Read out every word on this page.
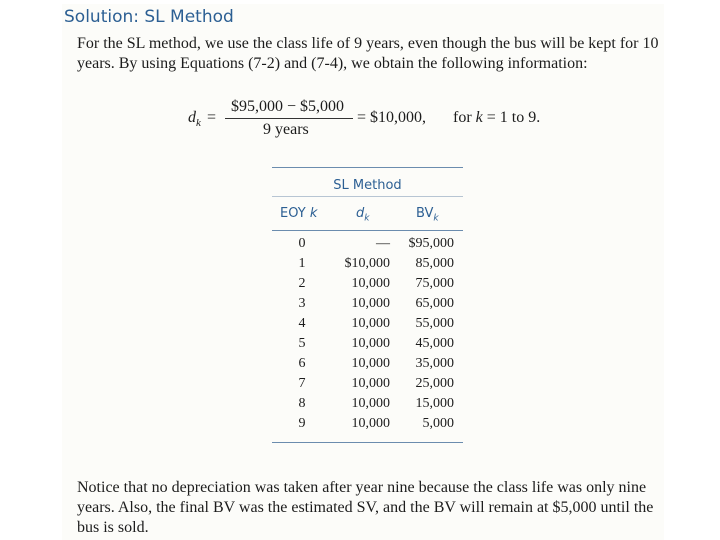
Solution: SL Method

For the SL method, we use the class life of 9 years, even though the bus will be kept for 10 years. By using Equations (7-2) and (7-4), we obtain the following information:

$d_k$ =
$95,000 − $5,000
9 years
= $10,000, for k = 1 to 9.
SL Method
EOY k	$d_k$	$BV_k$
0	— $95,000
1	$10,000 85,000
2	10,000 75,000
3	10,000 65,000
4	10,000 55,000
5	10,000 45,000
6	10,000 35,000
7	10,000 25,000
8	10,000 15,000
9	10,000 5,000

Notice that no depreciation was taken after year nine because the class life was only nine years. Also, the final BV was the estimated SV, and the BV will remain at $5,000 until the bus is sold.
